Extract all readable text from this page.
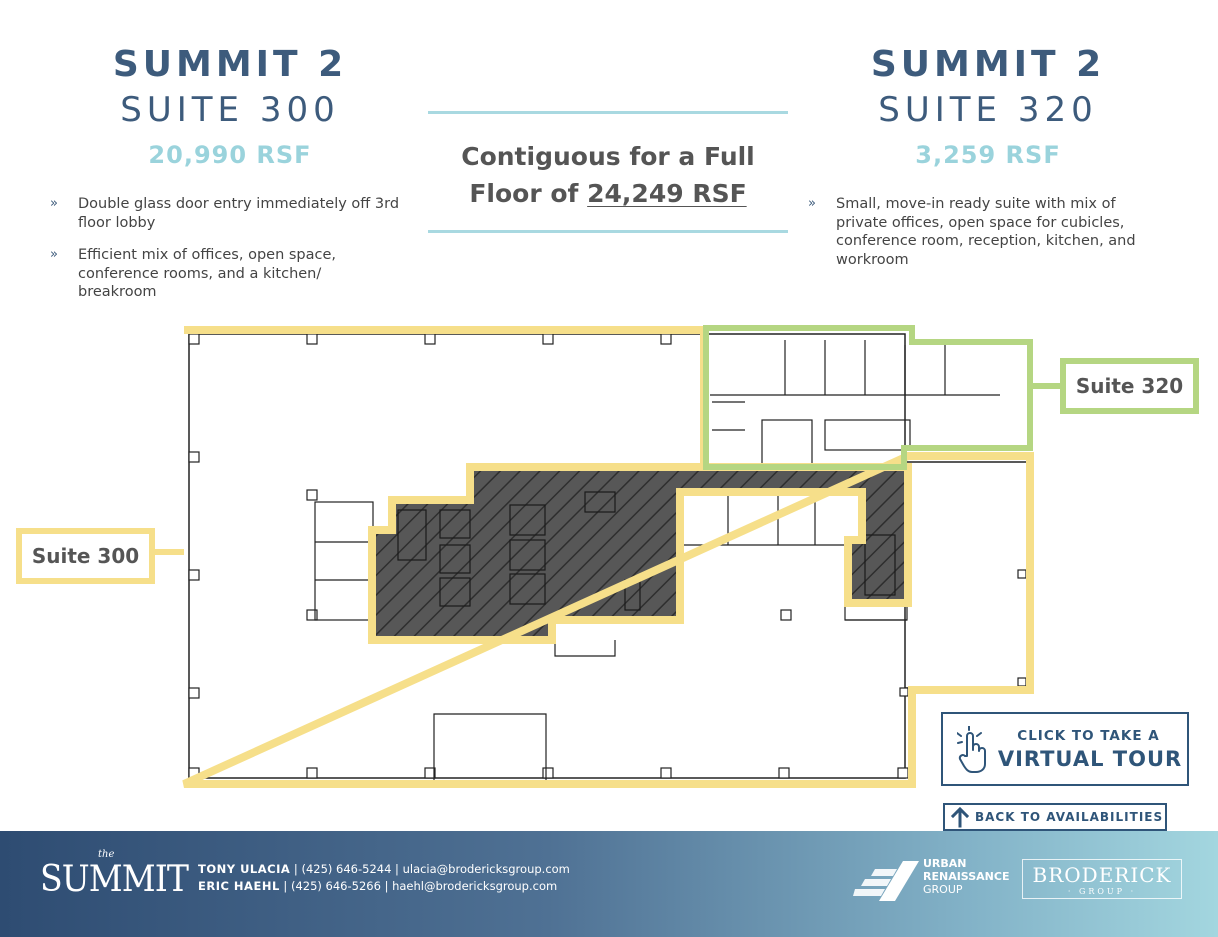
SUMMIT 2
SUITE 300
20,990 RSF
» Double glass door entry immediately off 3rd floor lobby
» Efficient mix of offices, open space, conference rooms, and a kitchen/ breakroom
Contiguous for a Full
Floor of 24,249 RSF
SUMMIT 2
SUITE 320
3,259 RSF
» Small, move-in ready suite with mix of private offices, open space for cubicles, conference room, reception, kitchen, and workroom
Suite 300
Suite 320
CLICK TO TAKE A
VIRTUAL TOUR
BACK TO AVAILABILITIES
the
SUMMIT TONY ULACIA | (425) 646-5244 | ulacia@brodericksgroup.com
ERIC HAEHL | (425) 646-5266 | haehl@brodericksgroup.com
URBAN
RENAISSANCE
GROUP
BRODERICK
· GROUP ·
